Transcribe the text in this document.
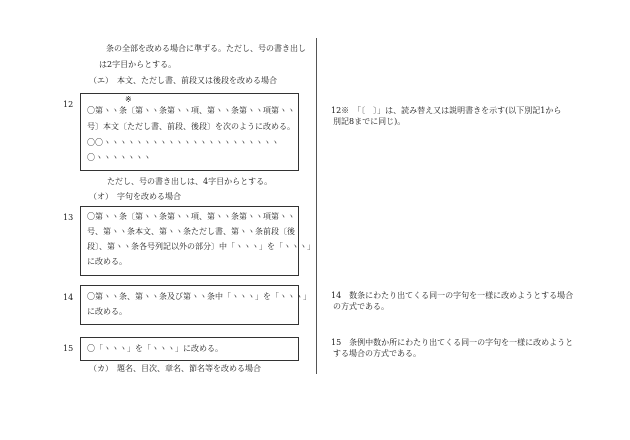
条の全部を改める場合に準ずる。ただし、号の書き出し
は2字目からとする。
（エ）　本文、ただし書、前段又は後段を改める場合
12
※
〇第ヽヽ条〔第ヽヽ条第ヽヽ項、第ヽヽ条第ヽヽ項第ヽヽ
号〕本文〔ただし書、前段、後段〕を次のように改める。
〇〇ヽヽヽヽヽヽヽヽヽヽヽヽヽヽヽヽヽヽヽヽヽヽ
〇ヽヽヽヽヽヽヽ
ただし、号の書き出しは、4字目からとする。
（オ）　字句を改める場合
13 〇第ヽヽ条〔第ヽヽ条第ヽヽ項、第ヽヽ条第ヽヽ項第ヽヽ
号、第ヽヽ条本文、第ヽヽ条ただし書、第ヽヽ条前段〔後
段〕、第ヽヽ条各号列記以外の部分〕中「ヽヽヽ」を「ヽヽヽ」
に改める。
14 〇第ヽヽ条、第ヽヽ条及び第ヽヽ条中「ヽヽヽ」を「ヽヽヽ」
に改める。
15 〇「ヽヽヽ」を「ヽヽヽ」に改める。
（カ）　題名、目次、章名、節名等を改める場合
12※　「〔　〕」は、読み替え又は説明書きを示す(以下別記1から
別記8までに同じ)。
14　数条にわたり出てくる同一の字句を一様に改めようとする場合
の方式である。
15　条例中数か所にわたり出てくる同一の字句を一様に改めようと
する場合の方式である。
